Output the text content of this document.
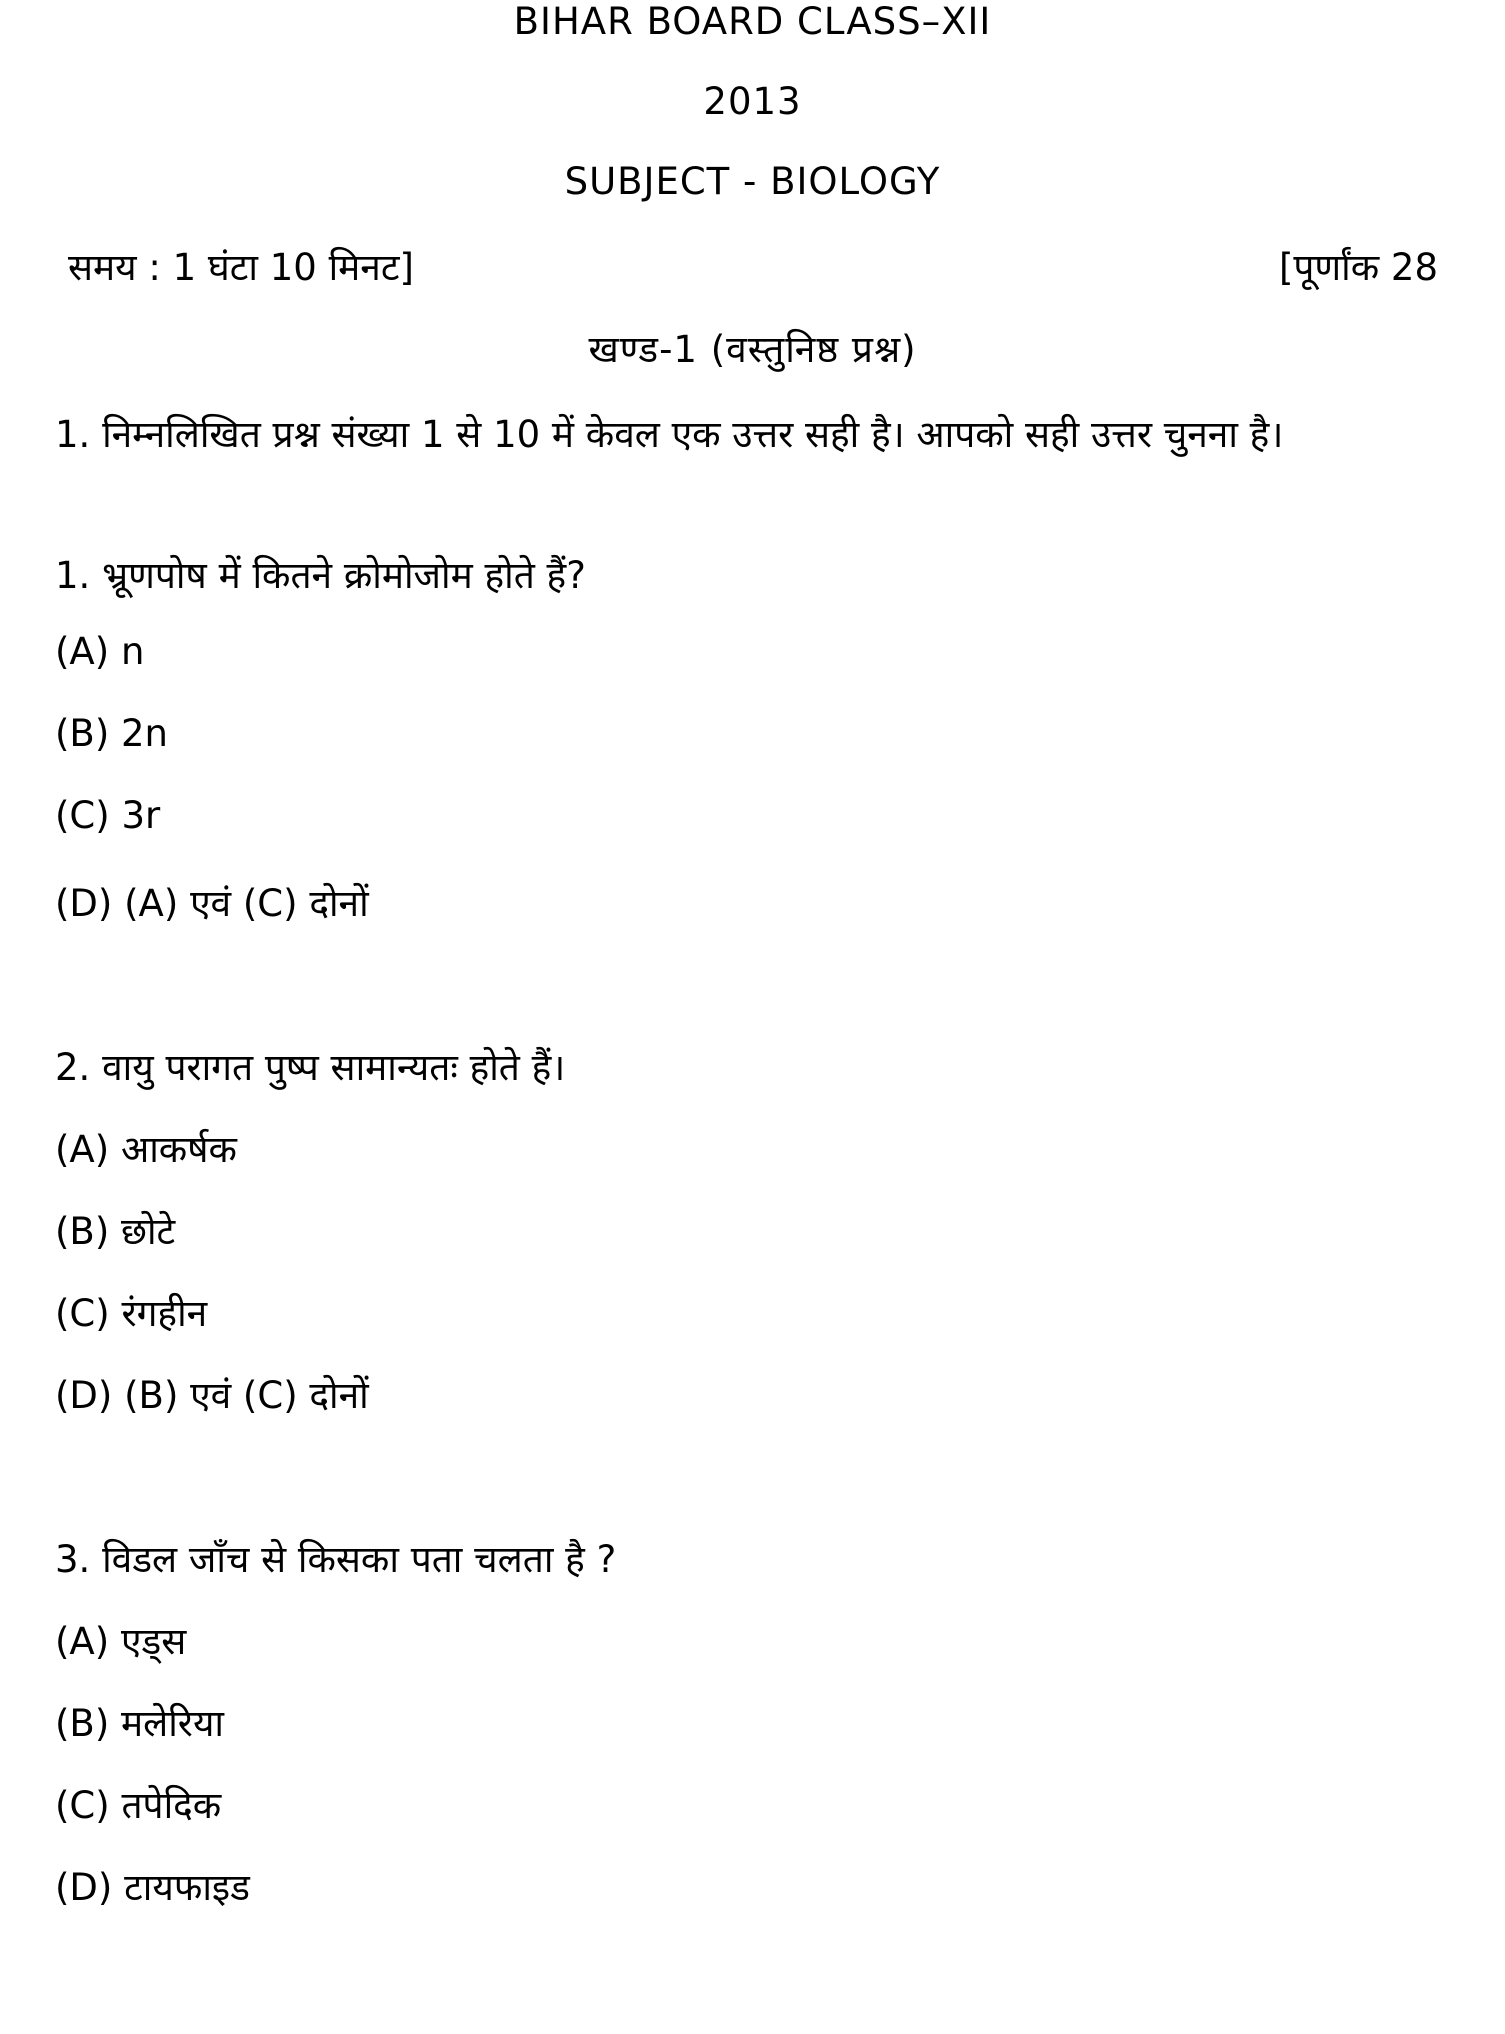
BIHAR BOARD CLASS–XII
2013
SUBJECT - BIOLOGY
समय : 1 घंटा 10 मिनट]	[पूर्णांक 28
खण्ड-1 (वस्तुनिष्ठ प्रश्न)
1. निम्नलिखित प्रश्न संख्या 1 से 10 में केवल एक उत्तर सही है। आपको सही उत्तर चुनना है।
1. भ्रूणपोष में कितने क्रोमोजोम होते हैं?
(A) n
(B) 2n
(C) 3r
(D) (A) एवं (C) दोनों
2. वायु परागत पुष्प सामान्यतः होते हैं।
(A) आकर्षक
(B) छोटे
(C) रंगहीन
(D) (B) एवं (C) दोनों
3. विडल जाँच से किसका पता चलता है ?
(A) एड्स
(B) मलेरिया
(C) तपेदिक
(D) टायफाइड
